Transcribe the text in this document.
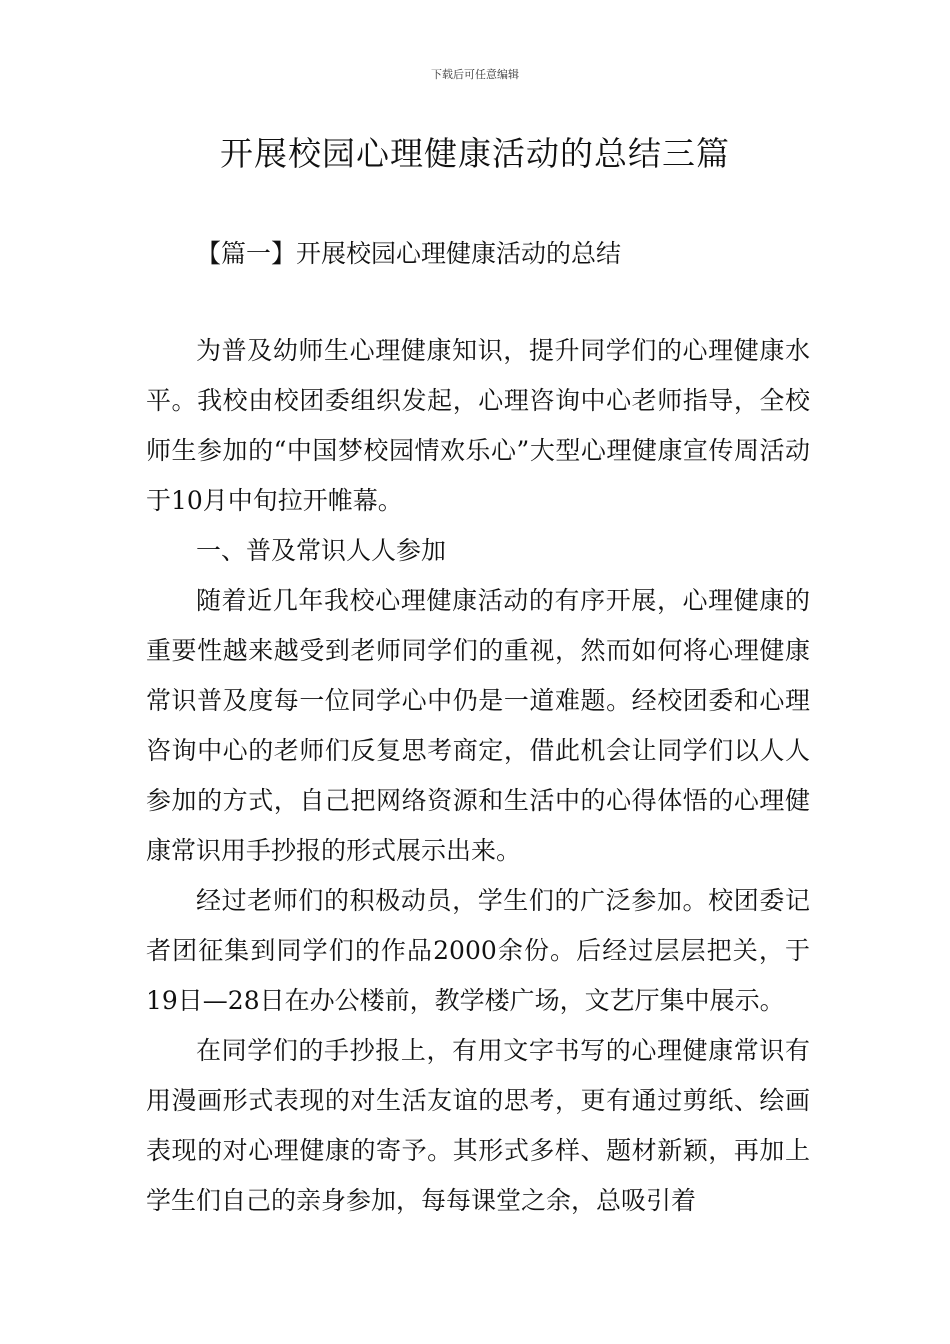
下载后可任意编辑
开展校园心理健康活动的总结三篇
【篇一】开展校园心理健康活动的总结

为普及幼师生心理健康知识，提升同学们的心理健康水平。我校由校团委组织发起，心理咨询中心老师指导，全校师生参加的“中国梦校园情欢乐心”大型心理健康宣传周活动于10月中旬拉开帷幕。

一、普及常识人人参加

随着近几年我校心理健康活动的有序开展，心理健康的重要性越来越受到老师同学们的重视，然而如何将心理健康常识普及度每一位同学心中仍是一道难题。经校团委和心理咨询中心的老师们反复思考商定，借此机会让同学们以人人参加的方式，自己把网络资源和生活中的心得体悟的心理健康常识用手抄报的形式展示出来。

经过老师们的积极动员，学生们的广泛参加。校团委记者团征集到同学们的作品2000余份。后经过层层把关，于19日—28日在办公楼前，教学楼广场，文艺厅集中展示。

在同学们的手抄报上，有用文字书写的心理健康常识有用漫画形式表现的对生活友谊的思考，更有通过剪纸、绘画表现的对心理健康的寄予。其形式多样、题材新颖，再加上学生们自己的亲身参加，每每课堂之余，总吸引着
